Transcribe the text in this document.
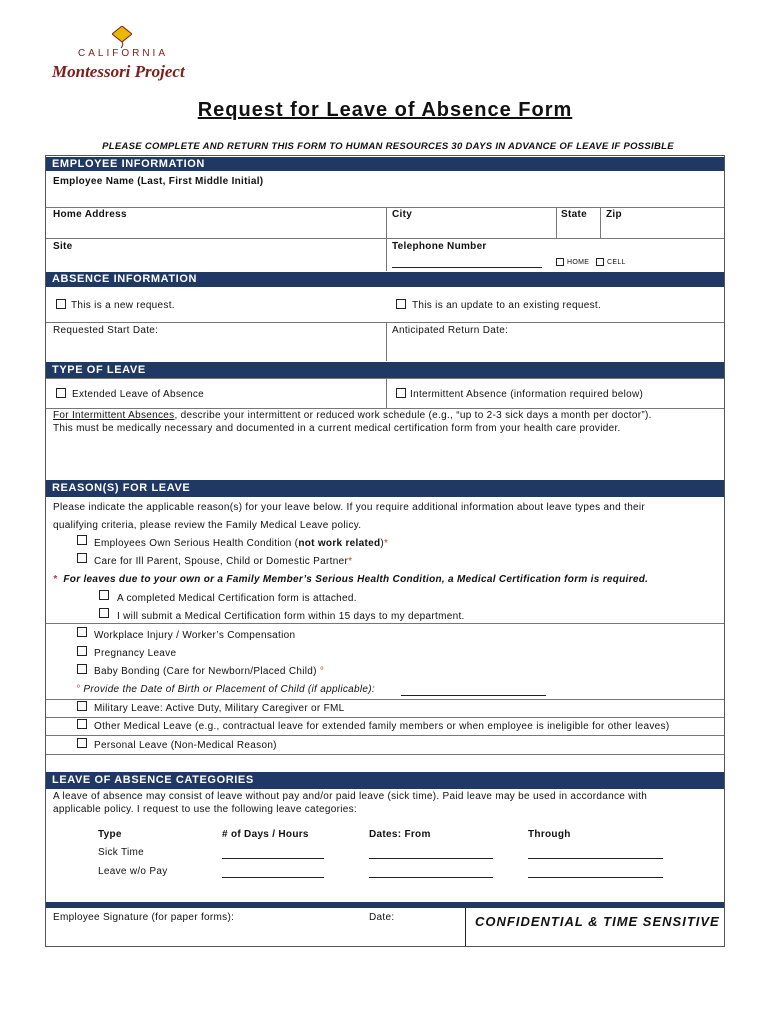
CALIFORNIA
Montessori Project
Request for Leave of Absence Form
PLEASE COMPLETE AND RETURN THIS FORM TO HUMAN RESOURCES 30 DAYS IN ADVANCE OF LEAVE IF POSSIBLE
EMPLOYEE INFORMATION
Employee Name (Last, First Middle Initial)
Home Address	City	State Zip
Site	Telephone Number
HOME	CELL
ABSENCE INFORMATION
This is a new request.	This is an update to an existing request.
Requested Start Date:	Anticipated Return Date:
TYPE OF LEAVE
Extended Leave of Absence	Intermittent Absence (information required below)
For Intermittent Absences, describe your intermittent or reduced work schedule (e.g., “up to 2-3 sick days a month per doctor”).
This must be medically necessary and documented in a current medical certification form from your health care provider.
REASON(S) FOR LEAVE
Please indicate the applicable reason(s) for your leave below. If you require additional information about leave types and their
qualifying criteria, please review the Family Medical Leave policy.
Employees Own Serious Health Condition (not work related)*
Care for Ill Parent, Spouse, Child or Domestic Partner*
* For leaves due to your own or a Family Member’s Serious Health Condition, a Medical Certification form is required.
A completed Medical Certification form is attached.
I will submit a Medical Certification form within 15 days to my department.
Workplace Injury / Worker’s Compensation
Pregnancy Leave
Baby Bonding (Care for Newborn/Placed Child) °
° Provide the Date of Birth or Placement of Child (if applicable):
Military Leave: Active Duty, Military Caregiver or FML
Other Medical Leave (e.g., contractual leave for extended family members or when employee is ineligible for other leaves)
Personal Leave (Non-Medical Reason)
LEAVE OF ABSENCE CATEGORIES
A leave of absence may consist of leave without pay and/or paid leave (sick time). Paid leave may be used in accordance with
applicable policy. I request to use the following leave categories:
Type	# of Days / Hours	Dates: From	Through
Sick Time
Leave w/o Pay
Employee Signature (for paper forms):	Date:	CONFIDENTIAL & TIME SENSITIVE
